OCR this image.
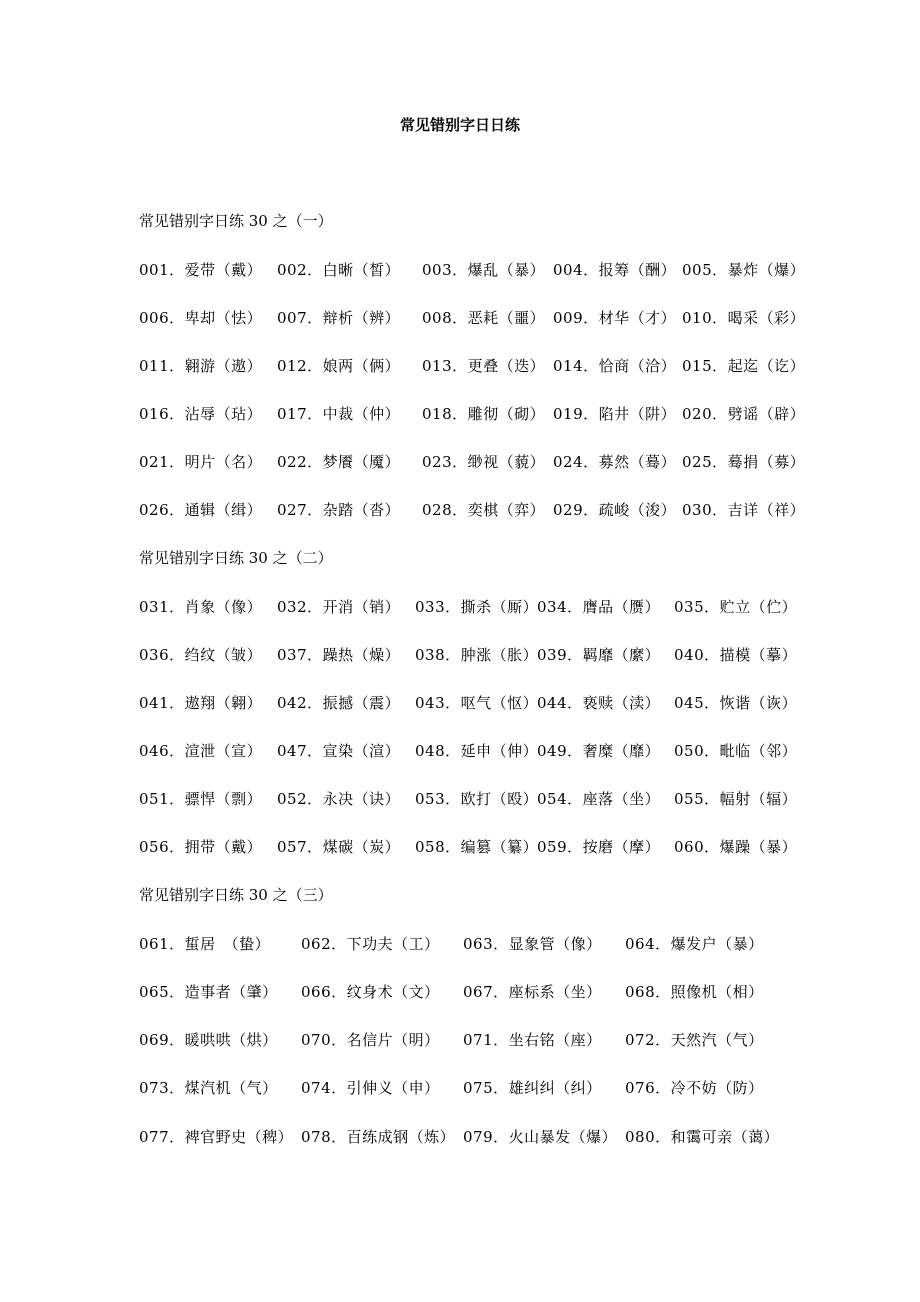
常见错别字日日练
常见错别字日练 30 之（一）
001．爱带（戴） 002．白晰（皙） 003．爆乱（暴） 004．报筹（酬） 005．暴炸（爆）
006．卑却（怯） 007．辩析（辨） 008．恶耗（噩） 009．材华（才） 010．喝采（彩）
011．翱游（遨） 012．娘两（俩） 013．更叠（迭） 014．恰商（洽） 015．起迄（讫）
016．沾辱（玷） 017．中裁（仲） 018．雕彻（砌） 019．陷井（阱） 020．劈谣（辟）
021．明片（名） 022．梦餍（魇） 023．缈视（藐） 024．募然（蓦） 025．蓦捐（募）
026．通辑（缉） 027．杂踏（沓） 028．奕棋（弈） 029．疏峻（浚） 030．吉详（祥）
常见错别字日练 30 之（二）
031．肖象（像） 032．开消（销） 033．撕杀（厮）
034．膺品（赝） 035．贮立（伫）
036．绉纹（皱） 037．躁热（燥） 038．肿涨（胀）
039．羁靡（縻） 040．描模（摹）
041．遨翔（翱） 042．振撼（震） 043．呕气（怄）
044．亵赎（渎） 045．恢谐（诙）
046．渲泄（宣） 047．宣染（渲） 048．延申（伸）
049．奢糜（靡） 050．毗临（邻）
051．骠悍（剽） 052．永决（诀） 053．欧打（殴）
054．座落（坐） 055．幅射（辐）
056．拥带（戴） 057．煤碳（炭） 058．编篡（纂）
059．按磨（摩） 060．爆躁（暴）
常见错别字日练 30 之（三）
061．蜇居　（蛰） 062．下功夫（工） 063．显象管（像） 064．爆发户（暴）
065．造事者（肇） 066．纹身术（文） 067．座标系（坐） 068．照像机（相）
069．暖哄哄（烘） 070．名信片（明） 071．坐右铭（座） 072．天然汽（气）
073．煤汽机（气） 074．引伸义（申） 075．雄纠纠（纠） 076．冷不妨（防）
077．裨官野史（稗） 078．百练成钢（炼） 079．火山暴发（爆） 080．和霭可亲（蔼）
